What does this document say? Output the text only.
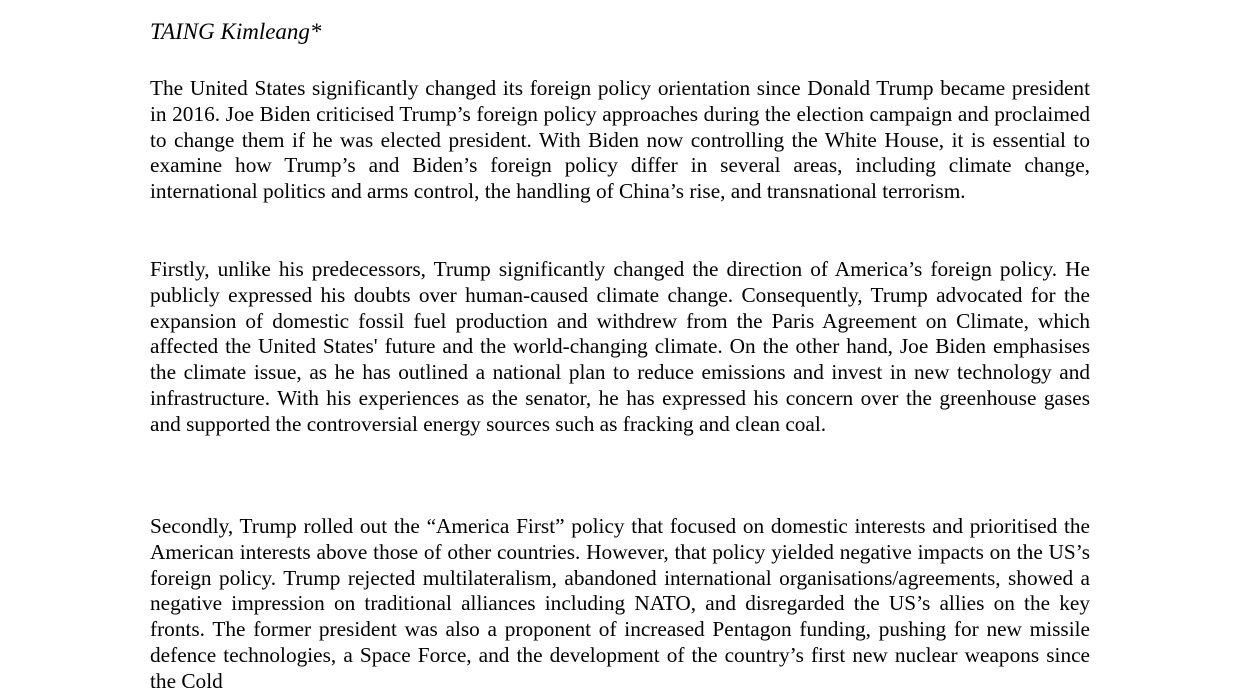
TAING Kimleang*

The United States significantly changed its foreign policy orientation since Donald Trump became president in 2016. Joe Biden criticised Trump’s foreign policy approaches during the election campaign and proclaimed to change them if he was elected president. With Biden now controlling the White House, it is essential to examine how Trump’s and Biden’s foreign policy differ in several areas, including climate change, international politics and arms control, the handling of China’s rise, and transnational terrorism.

Firstly, unlike his predecessors, Trump significantly changed the direction of America’s foreign policy. He publicly expressed his doubts over human-caused climate change. Consequently, Trump advocated for the expansion of domestic fossil fuel production and withdrew from the Paris Agreement on Climate, which affected the United States' future and the world-changing climate. On the other hand, Joe Biden emphasises the climate issue, as he has outlined a national plan to reduce emissions and invest in new technology and infrastructure. With his experiences as the senator, he has expressed his concern over the greenhouse gases and supported the controversial energy sources such as fracking and clean coal.

Secondly, Trump rolled out the “America First” policy that focused on domestic interests and prioritised the American interests above those of other countries. However, that policy yielded negative impacts on the US’s foreign policy. Trump rejected multilateralism, abandoned international organisations/agreements, showed a negative impression on traditional alliances including NATO, and disregarded the US’s allies on the key fronts. The former president was also a proponent of increased Pentagon funding, pushing for new missile defence technologies, a Space Force, and the development of the country’s first new nuclear weapons since the Cold
